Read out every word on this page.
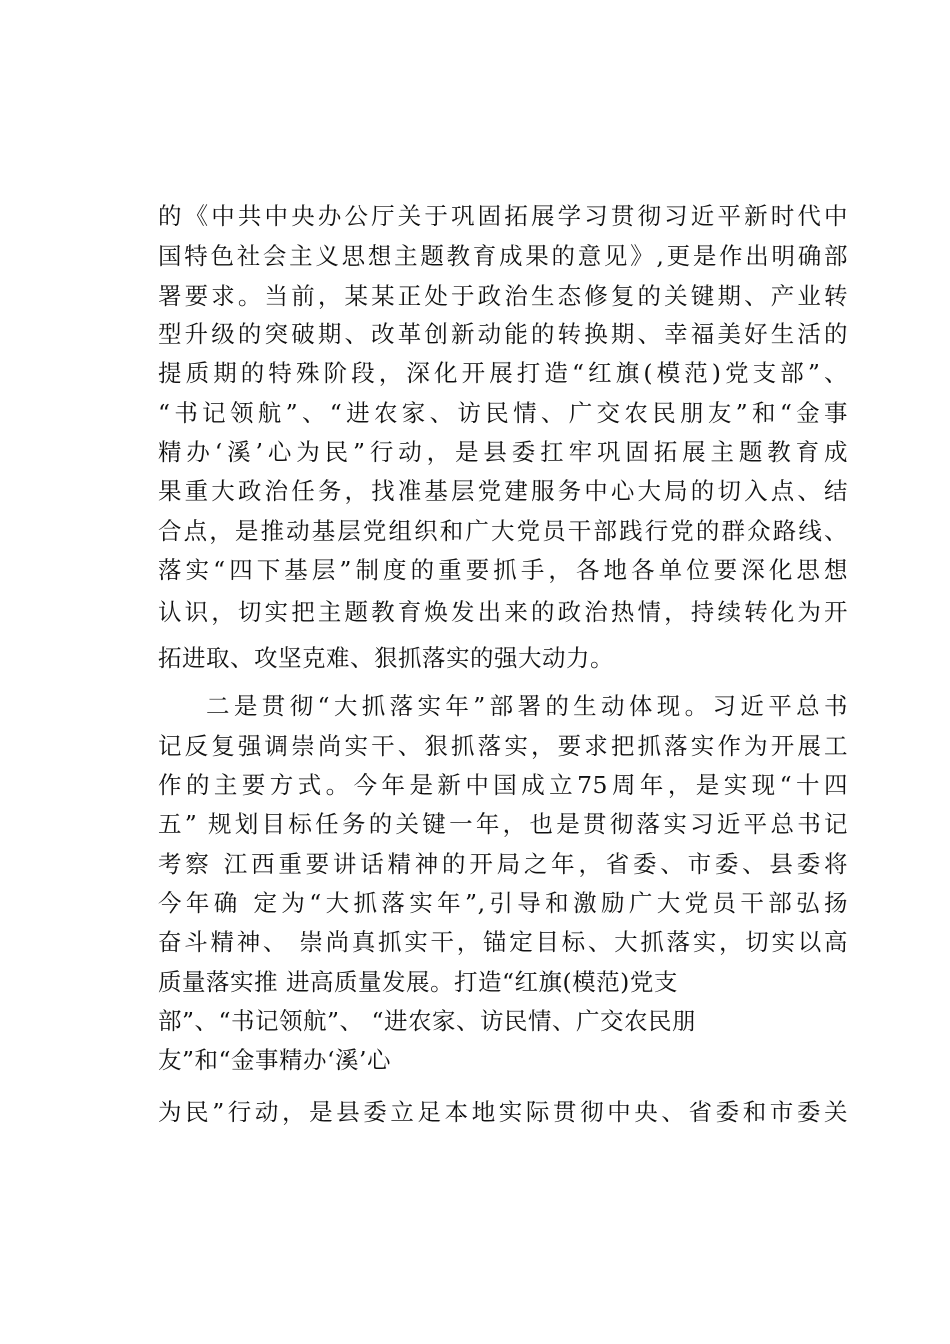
的《中共中央办公厅关于巩固拓展学习贯彻习近平新时代中
国特色社会主义思想主题教育成果的意见》,更是作出明确部
署要求。当前，某某正处于政治生态修复的关键期、产业转
型升级的突破期、改革创新动能的转换期、幸福美好生活的
提质期的特殊阶段，深化开展打造“红旗(模范)党支部”、
“书记领航”、“进农家、访民情、广交农民朋友”和“金事
精办‘溪’心为民”行动，是县委扛牢巩固拓展主题教育成
果重大政治任务，找准基层党建服务中心大局的切入点、结
合点，是推动基层党组织和广大党员干部践行党的群众路线、
落实“四下基层”制度的重要抓手，各地各单位要深化思想
认识，切实把主题教育焕发出来的政治热情，持续转化为开
拓进取、攻坚克难、狠抓落实的强大动力。
二是贯彻“大抓落实年”部署的生动体现。习近平总书
记反复强调崇尚实干、狠抓落实，要求把抓落实作为开展工
作的主要方式。今年是新中国成立75周年，是实现“十四
五” 规划目标任务的关键一年，也是贯彻落实习近平总书记
考察 江西重要讲话精神的开局之年，省委、市委、县委将
今年确 定为“大抓落实年”,引导和激励广大党员干部弘扬
奋斗精神、 崇尚真抓实干，锚定目标、大抓落实，切实以高
质量落实推 进高质量发展。打造“红旗(模范)党支
部”、“书记领航”、 “进农家、访民情、广交农民朋
友”和“金事精办‘溪’心
为民”行动，是县委立足本地实际贯彻中央、省委和市委关
